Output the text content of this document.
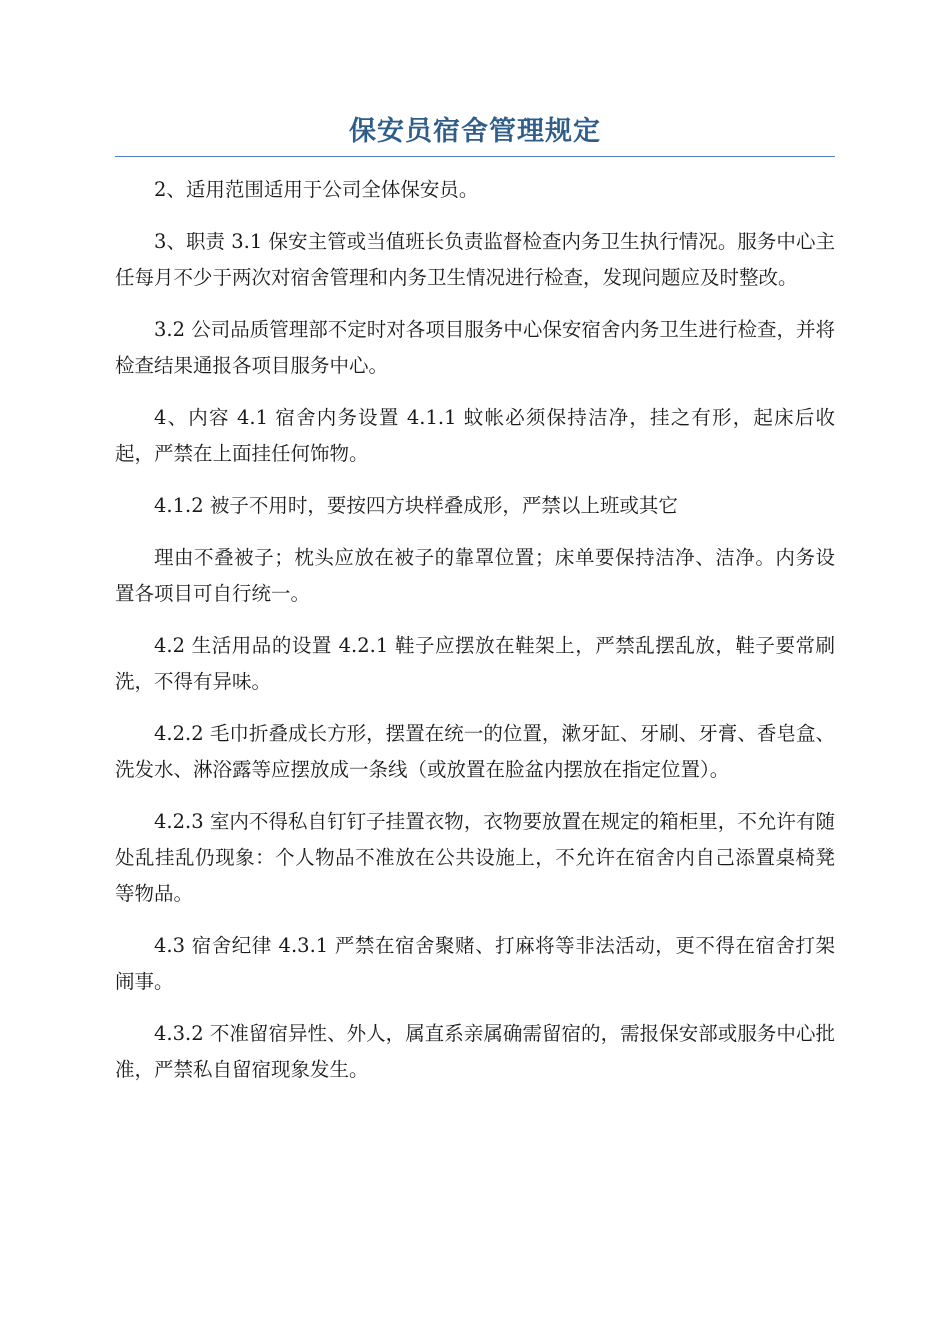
保安员宿舍管理规定

2、适用范围适用于公司全体保安员。

3、职责 3.1 保安主管或当值班长负责监督检查内务卫生执行情况。服务中心主任每月不少于两次对宿舍管理和内务卫生情况进行检查，发现问题应及时整改。

3.2 公司品质管理部不定时对各项目服务中心保安宿舍内务卫生进行检查，并将检查结果通报各项目服务中心。

4、内容 4.1 宿舍内务设置 4.1.1 蚊帐必须保持洁净，挂之有形，起床后收起，严禁在上面挂任何饰物。

4.1.2 被子不用时，要按四方块样叠成形，严禁以上班或其它

理由不叠被子；枕头应放在被子的靠罩位置；床单要保持洁净、洁净。内务设置各项目可自行统一。

4.2 生活用品的设置 4.2.1 鞋子应摆放在鞋架上，严禁乱摆乱放，鞋子要常刷洗，不得有异味。

4.2.2 毛巾折叠成长方形，摆置在统一的位置，漱牙缸、牙刷、牙膏、香皂盒、洗发水、淋浴露等应摆放成一条线（或放置在脸盆内摆放在指定位置）。

4.2.3 室内不得私自钉钉子挂置衣物，衣物要放置在规定的箱柜里，不允许有随处乱挂乱仍现象：个人物品不准放在公共设施上，不允许在宿舍内自己添置桌椅凳等物品。

4.3 宿舍纪律 4.3.1 严禁在宿舍聚赌、打麻将等非法活动，更不得在宿舍打架闹事。

4.3.2 不准留宿异性、外人，属直系亲属确需留宿的，需报保安部或服务中心批准，严禁私自留宿现象发生。
